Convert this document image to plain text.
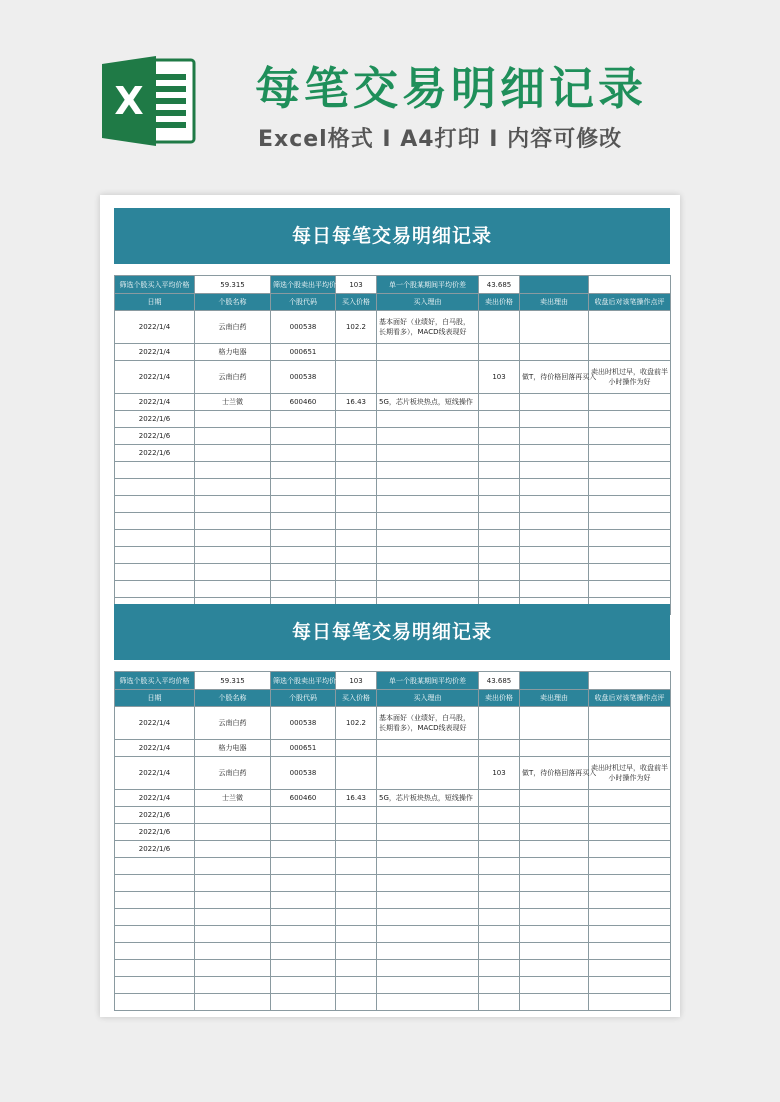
X 每笔交易明细记录
Excel格式 I A4打印 I 内容可修改
每日每笔交易明细记录
筛选个股买入平均价格	59.315	筛选个股卖出平均价格	103	单一个股某期间平均价差	43.685		
日期	个股名称	个股代码	买入价格	买入理由	卖出价格	卖出理由	收盘后对该笔操作点评
2022/1/4	云南白药	000538	102.2	基本面好（业绩好，白马股，长期看多），MACD线表现好			
2022/1/4	格力电器	000651					
2022/1/4	云南白药	000538			103	做T，待价格回落再买入	卖出时机过早，收盘前半小时操作为好
2022/1/4	士兰微	600460	16.43	5G，芯片板块热点，短线操作			
2022/1/6							
2022/1/6							
2022/1/6							

每日每笔交易明细记录
筛选个股买入平均价格	59.315	筛选个股卖出平均价格	103	单一个股某期间平均价差	43.685		
日期	个股名称	个股代码	买入价格	买入理由	卖出价格	卖出理由	收盘后对该笔操作点评
2022/1/4	云南白药	000538	102.2	基本面好（业绩好，白马股，长期看多），MACD线表现好			
2022/1/4	格力电器	000651					
2022/1/4	云南白药	000538			103	做T，待价格回落再买入	卖出时机过早，收盘前半小时操作为好
2022/1/4	士兰微	600460	16.43	5G，芯片板块热点，短线操作			
2022/1/6							
2022/1/6							
2022/1/6							
